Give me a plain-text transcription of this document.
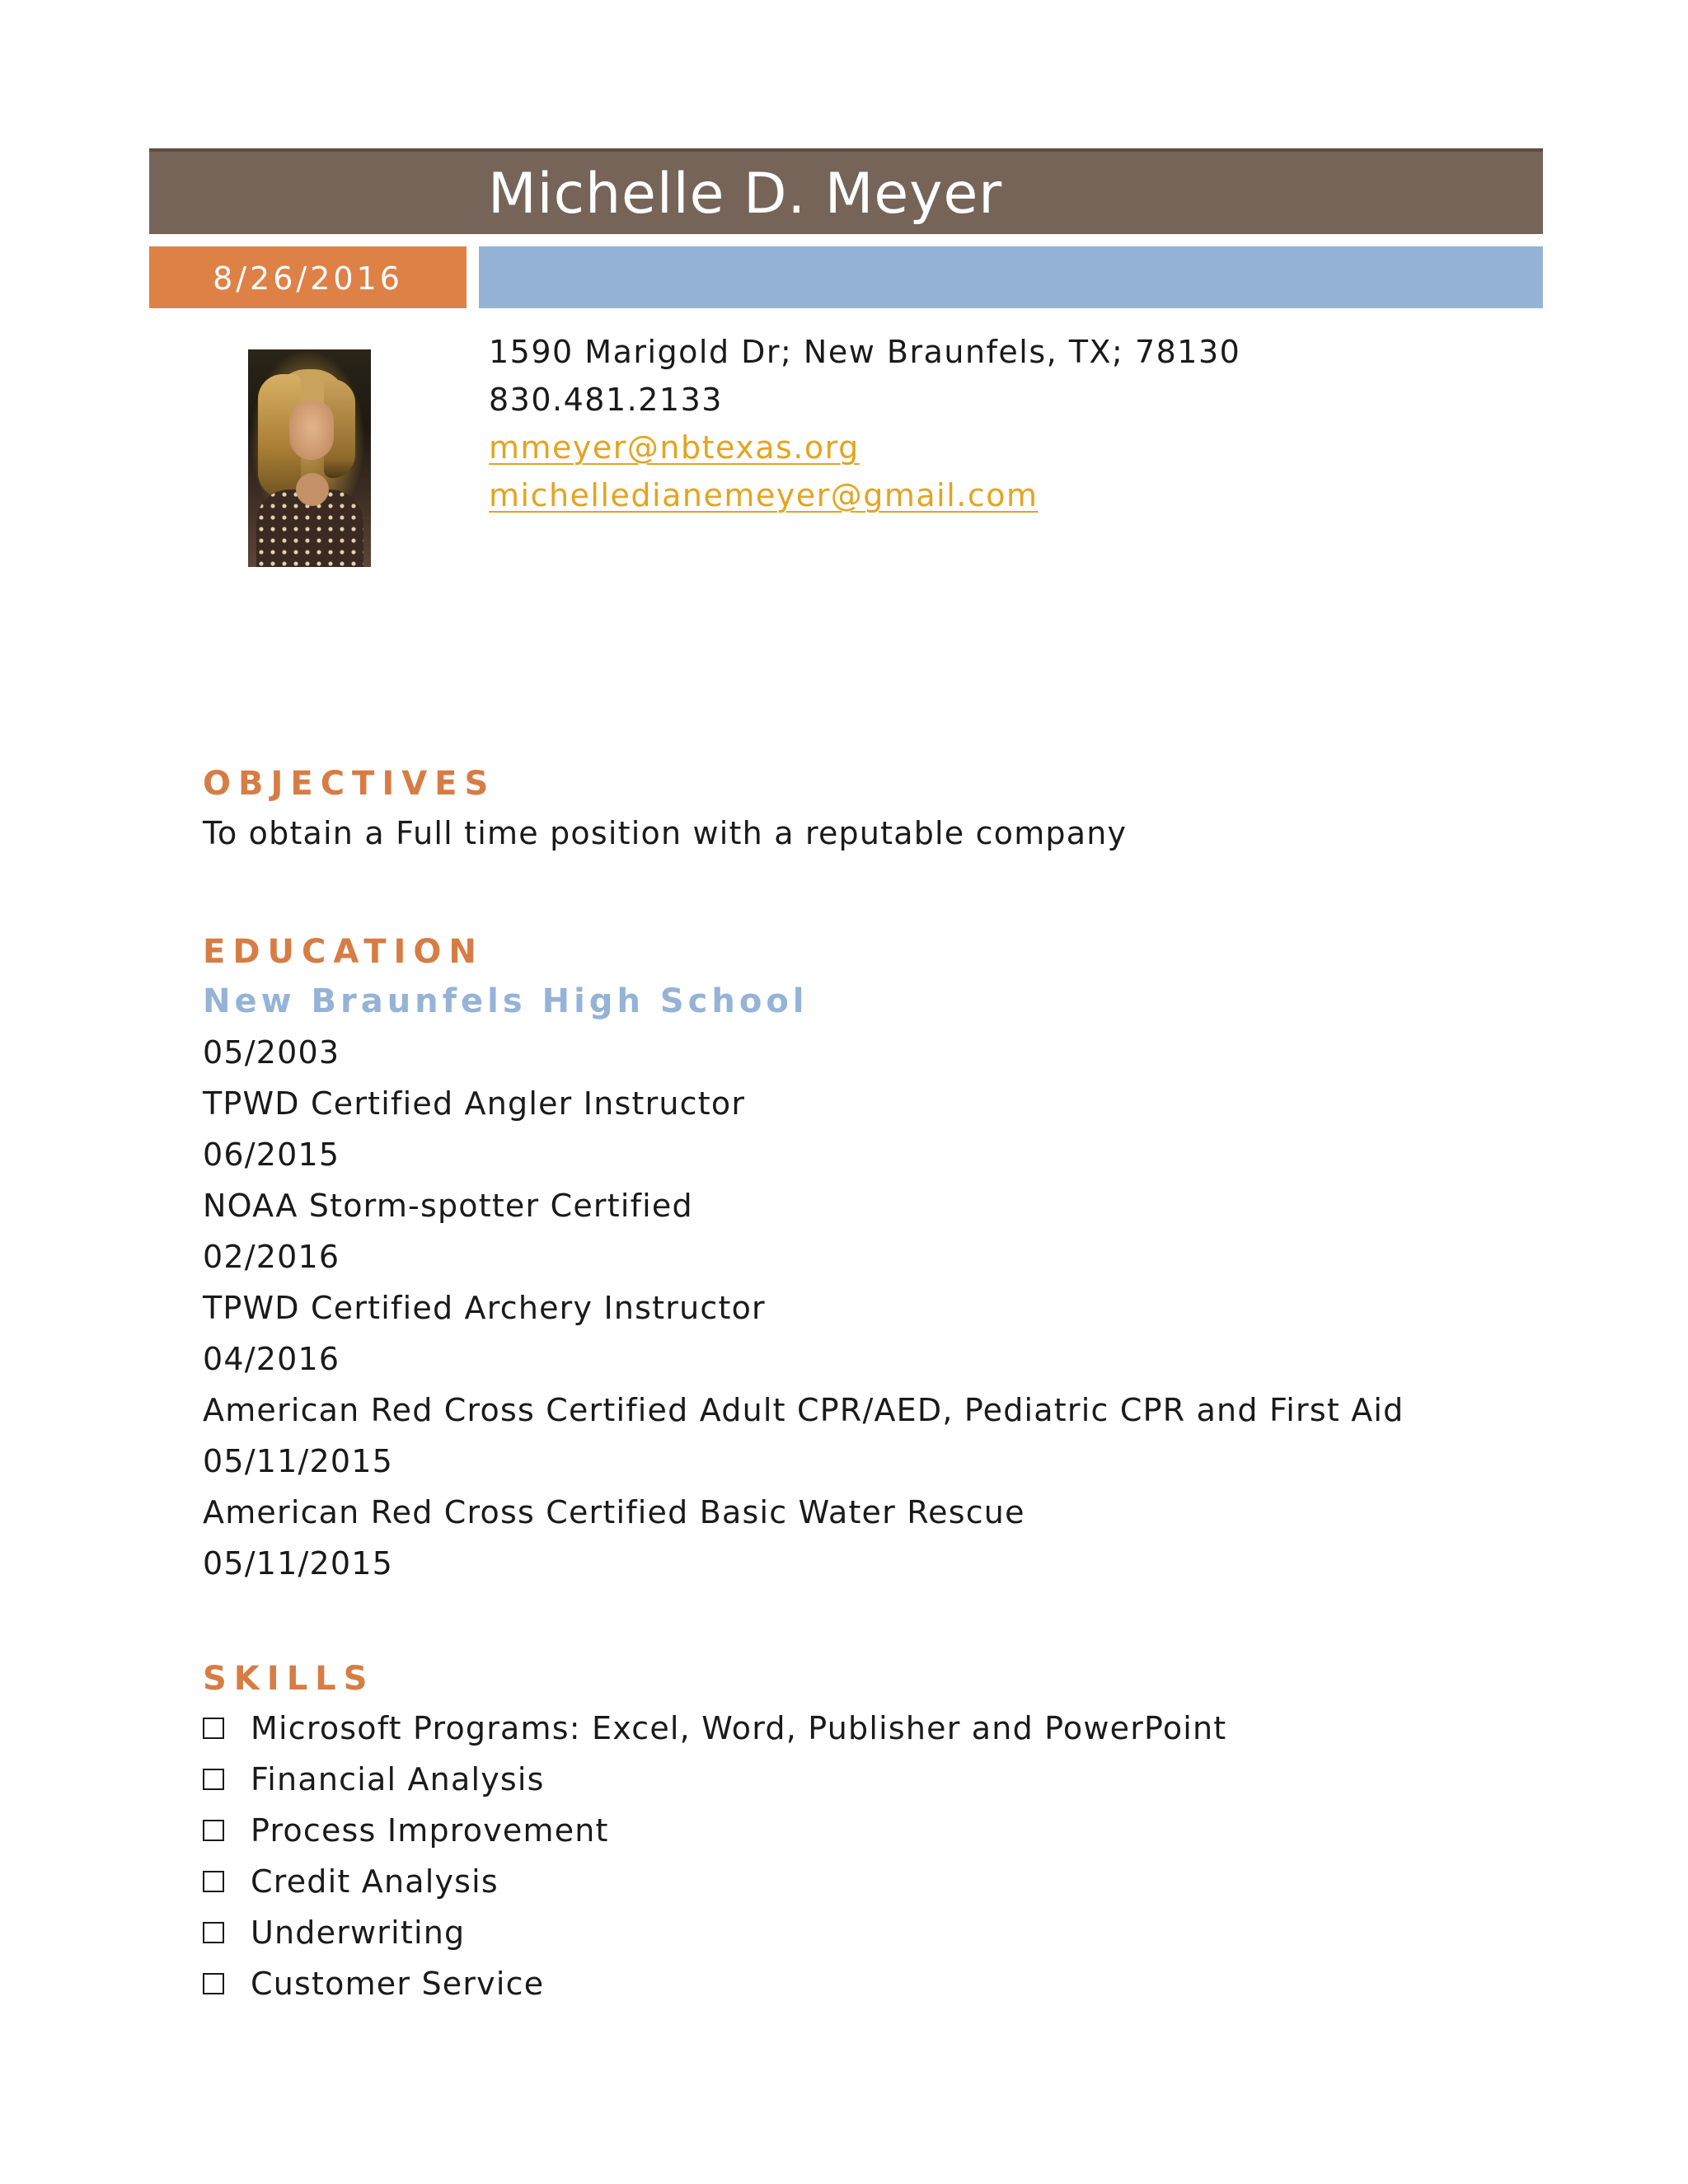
Michelle D. Meyer
8/26/2016
1590 Marigold Dr; New Braunfels, TX; 78130
830.481.2133
mmeyer@nbtexas.org
michelledianemeyer@gmail.com
OBJECTIVES
To obtain a Full time position with a reputable company
EDUCATION
New Braunfels High School
05/2003
TPWD Certified Angler Instructor
06/2015
NOAA Storm-spotter Certified
02/2016
TPWD Certified Archery Instructor
04/2016
American Red Cross Certified Adult CPR/AED, Pediatric CPR and First Aid
05/11/2015
American Red Cross Certified Basic Water Rescue
05/11/2015
SKILLS
Microsoft Programs: Excel, Word, Publisher and PowerPoint
Financial Analysis
Process Improvement
Credit Analysis
Underwriting
Customer Service
